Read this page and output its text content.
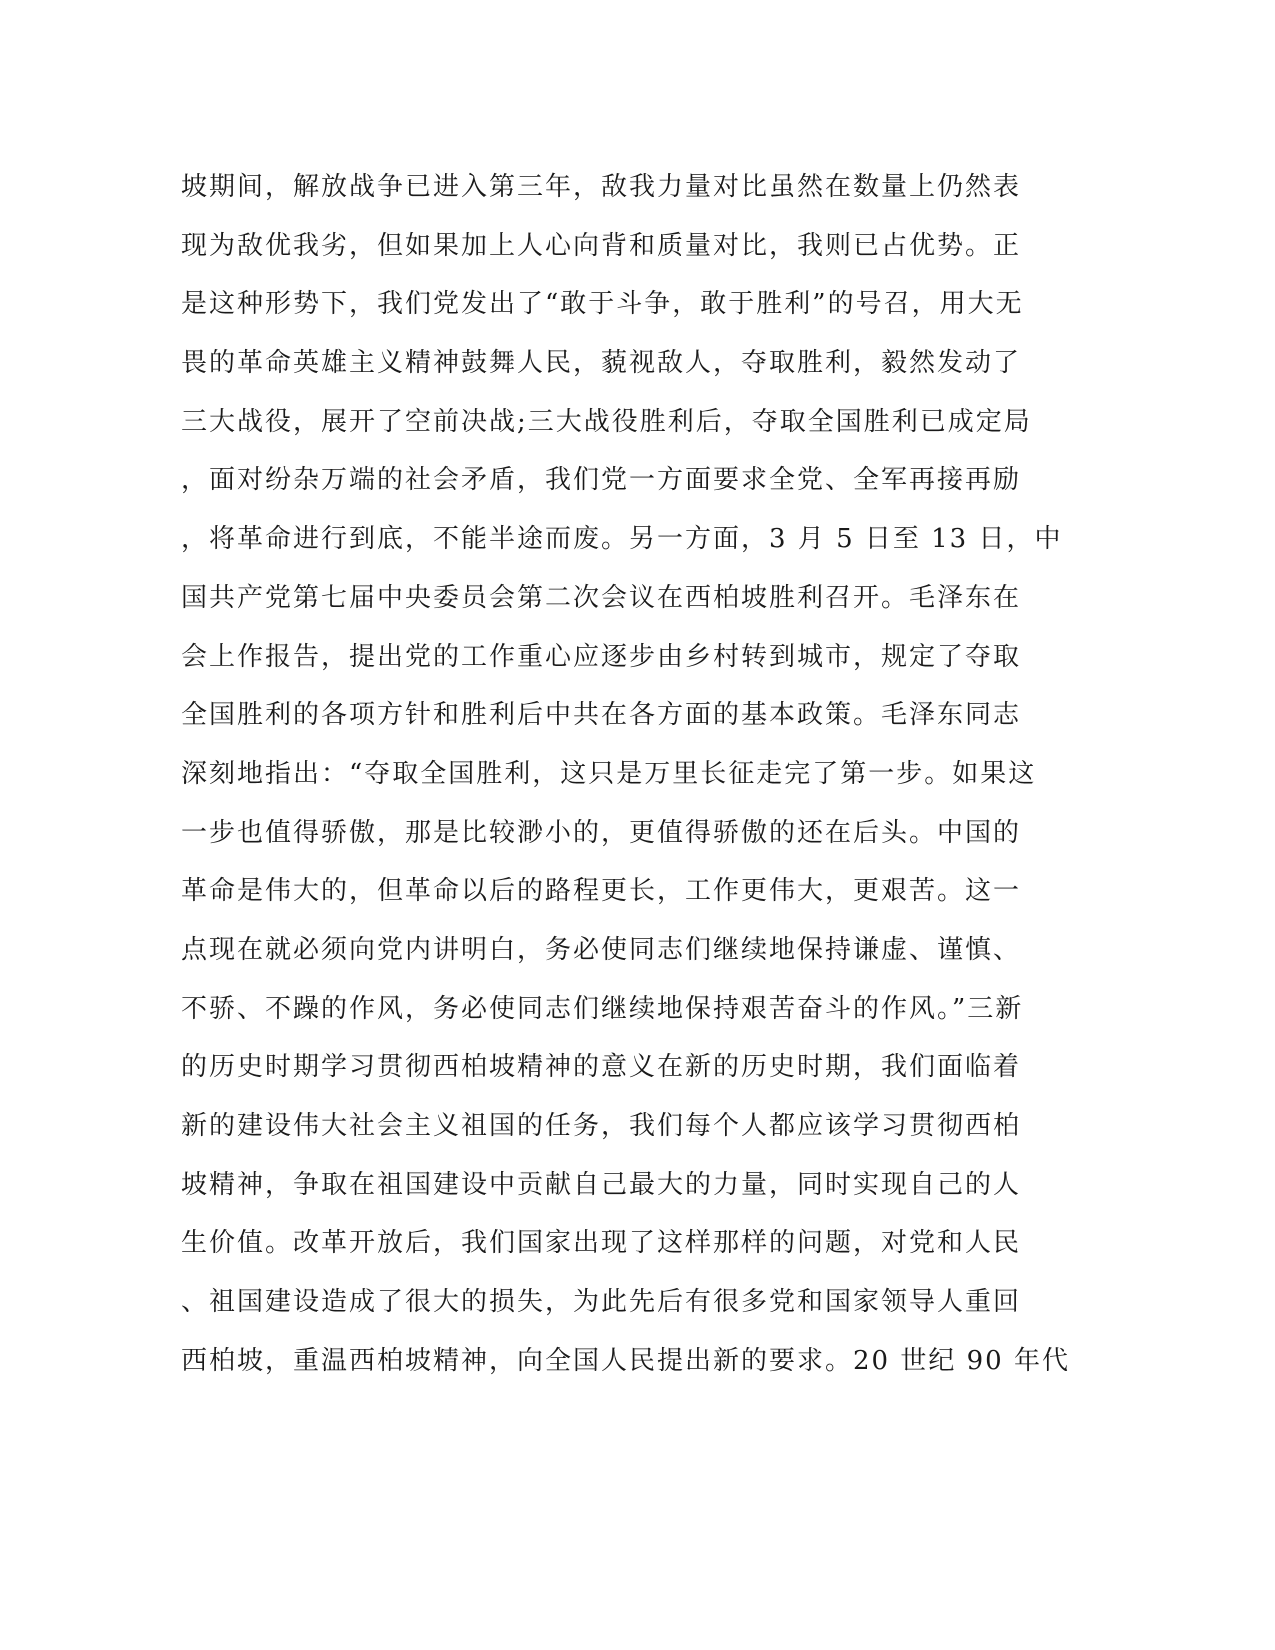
坡期间，解放战争已进入第三年，敌我力量对比虽然在数量上仍然表
现为敌优我劣，但如果加上人心向背和质量对比，我则已占优势。正
是这种形势下，我们党发出了“敢于斗争，敢于胜利”的号召，用大无
畏的革命英雄主义精神鼓舞人民，藐视敌人，夺取胜利，毅然发动了
三大战役，展开了空前决战;三大战役胜利后，夺取全国胜利已成定局
，面对纷杂万端的社会矛盾，我们党一方面要求全党、全军再接再励
，将革命进行到底，不能半途而废。另一方面，3 月 5 日至 13 日，中
国共产党第七届中央委员会第二次会议在西柏坡胜利召开。毛泽东在
会上作报告，提出党的工作重心应逐步由乡村转到城市，规定了夺取
全国胜利的各项方针和胜利后中共在各方面的基本政策。毛泽东同志
深刻地指出：“夺取全国胜利，这只是万里长征走完了第一步。如果这
一步也值得骄傲，那是比较渺小的，更值得骄傲的还在后头。中国的
革命是伟大的，但革命以后的路程更长，工作更伟大，更艰苦。这一
点现在就必须向党内讲明白，务必使同志们继续地保持谦虚、谨慎、
不骄、不躁的作风，务必使同志们继续地保持艰苦奋斗的作风。”三新
的历史时期学习贯彻西柏坡精神的意义在新的历史时期，我们面临着
新的建设伟大社会主义祖国的任务，我们每个人都应该学习贯彻西柏
坡精神，争取在祖国建设中贡献自己最大的力量，同时实现自己的人
生价值。改革开放后，我们国家出现了这样那样的问题，对党和人民
、祖国建设造成了很大的损失，为此先后有很多党和国家领导人重回
西柏坡，重温西柏坡精神，向全国人民提出新的要求。20 世纪 90 年代
